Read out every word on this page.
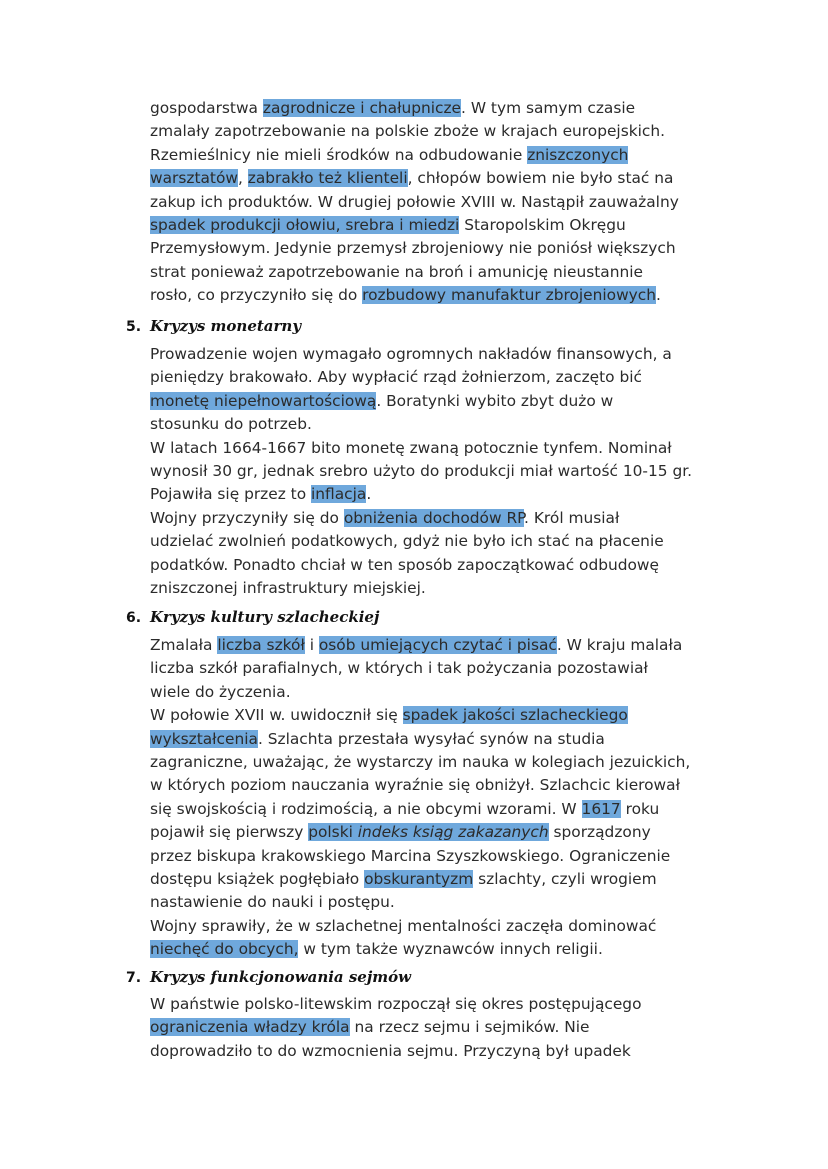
gospodarstwa zagrodnicze i chałupnicze. W tym samym czasie
zmalały zapotrzebowanie na polskie zboże w krajach europejskich.
Rzemieślnicy nie mieli środków na odbudowanie zniszczonych
warsztatów, zabrakło też klienteli, chłopów bowiem nie było stać na
zakup ich produktów. W drugiej połowie XVIII w. Nastąpił zauważalny
spadek produkcji ołowiu, srebra i miedzi Staropolskim Okręgu
Przemysłowym. Jedynie przemysł zbrojeniowy nie poniósł większych
strat ponieważ zapotrzebowanie na broń i amunicję nieustannie
rosło, co przyczyniło się do rozbudowy manufaktur zbrojeniowych.
5. Kryzys monetarny
Prowadzenie wojen wymagało ogromnych nakładów finansowych, a
pieniędzy brakowało. Aby wypłacić rząd żołnierzom, zaczęto bić
monetę niepełnowartościową. Boratynki wybito zbyt dużo w
stosunku do potrzeb.
W latach 1664-1667 bito monetę zwaną potocznie tynfem. Nominał
wynosił 30 gr, jednak srebro użyto do produkcji miał wartość 10-15 gr.
Pojawiła się przez to inflacja.
Wojny przyczyniły się do obniżenia dochodów RP. Król musiał
udzielać zwolnień podatkowych, gdyż nie było ich stać na płacenie
podatków. Ponadto chciał w ten sposób zapoczątkować odbudowę
zniszczonej infrastruktury miejskiej.
6. Kryzys kultury szlacheckiej
Zmalała liczba szkół i osób umiejących czytać i pisać. W kraju malała
liczba szkół parafialnych, w których i tak pożyczania pozostawiał
wiele do życzenia.
W połowie XVII w. uwidocznił się spadek jakości szlacheckiego
wykształcenia. Szlachta przestała wysyłać synów na studia
zagraniczne, uważając, że wystarczy im nauka w kolegiach jezuickich,
w których poziom nauczania wyraźnie się obniżył. Szlachcic kierował
się swojskością i rodzimością, a nie obcymi wzorami. W 1617 roku
pojawił się pierwszy polski indeks ksiąg zakazanych sporządzony
przez biskupa krakowskiego Marcina Szyszkowskiego. Ograniczenie
dostępu książek pogłębiało obskurantyzm szlachty, czyli wrogiem
nastawienie do nauki i postępu.
Wojny sprawiły, że w szlachetnej mentalności zaczęła dominować
niechęć do obcych, w tym także wyznawców innych religii.
7. Kryzys funkcjonowania sejmów
W państwie polsko-litewskim rozpoczął się okres postępującego
ograniczenia władzy króla na rzecz sejmu i sejmików. Nie
doprowadziło to do wzmocnienia sejmu. Przyczyną był upadek
